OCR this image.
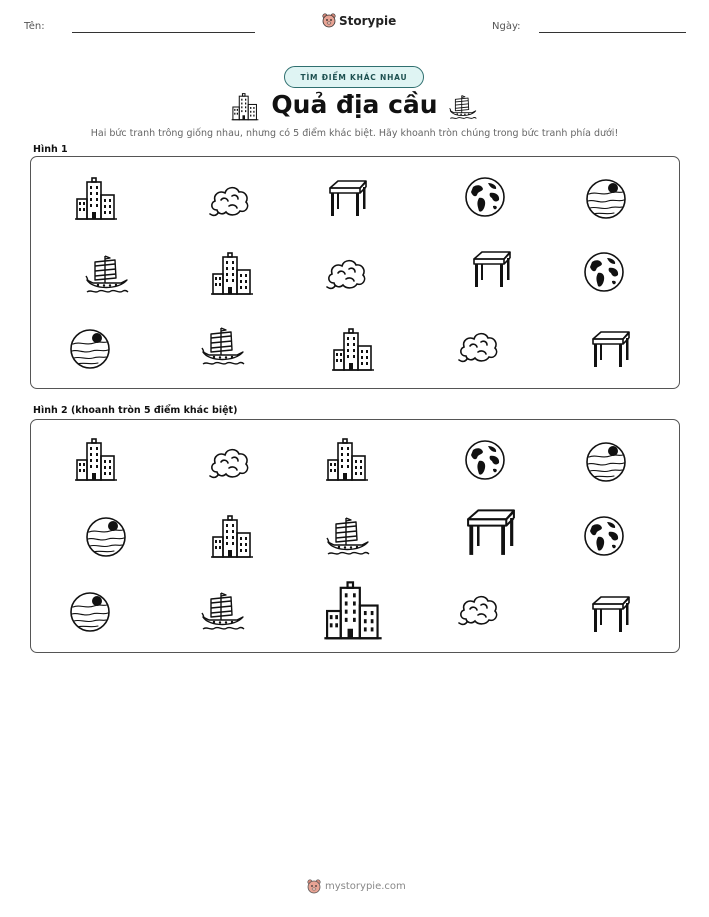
Tên:	Storypie	Ngày:
TÌM ĐIỂM KHÁC NHAU
Quả địa cầu
Hai bức tranh trông giống nhau, nhưng có 5 điểm khác biệt. Hãy khoanh tròn chúng trong bức tranh phía dưới!
Hình 1
Hình 2 (khoanh tròn 5 điểm khác biệt)
mystorypie.com
